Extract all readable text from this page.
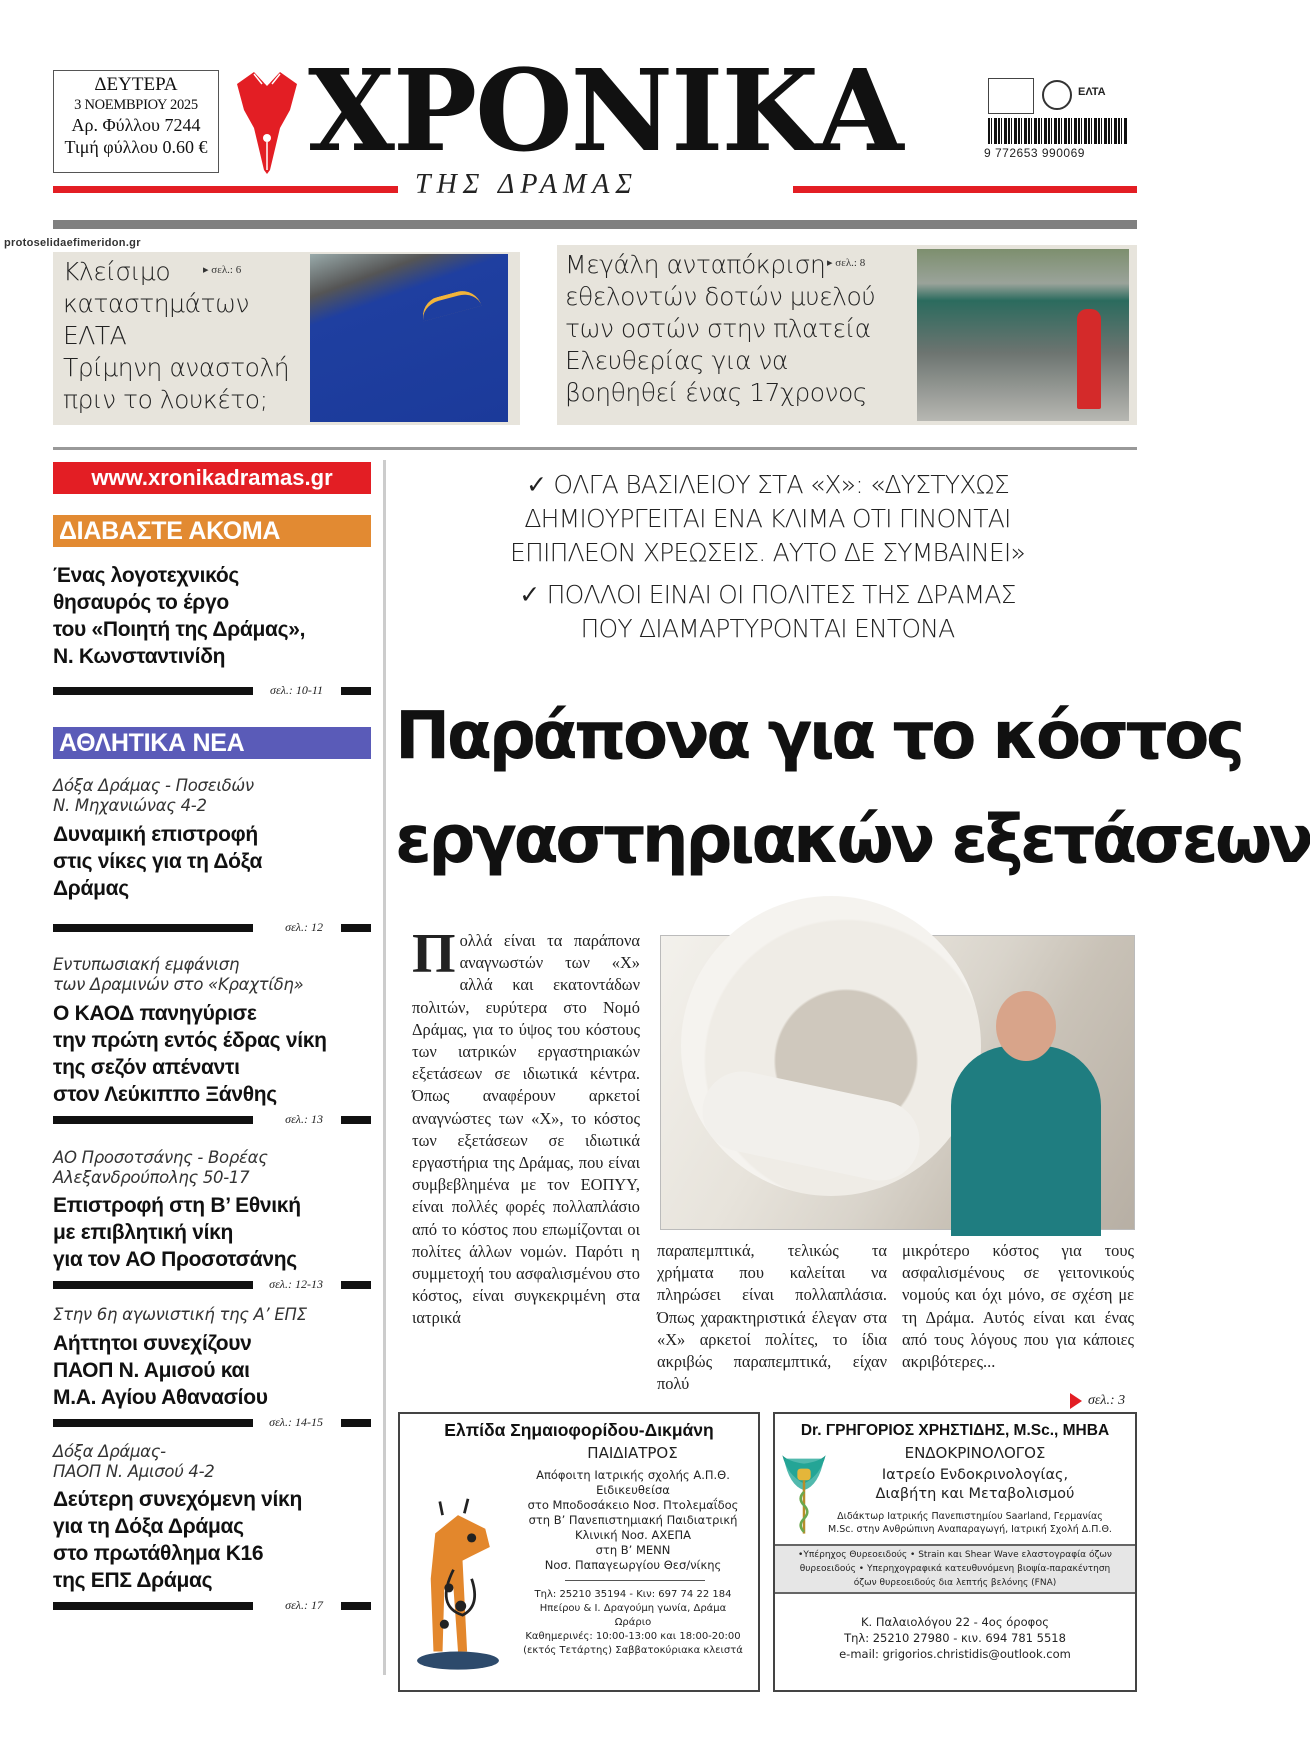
ΔΕΥΤΕΡΑ
3 ΝΟΕΜΒΡΙΟΥ 2025
Αρ. Φύλλου 7244
Τιμή φύλλου 0.60 € ΧΡΟΝΙΚΑ
ΤΗΣ ΔΡΑΜΑΣ
ΕΛΤΑ
9 772653 990069
protoselidaefimeridon.gr
Κλείσιμο
καταστημάτων
ΕΛΤΑ
Τρίμηνη αναστολή
πριν το λουκέτο;
▸ σελ.: 6	Μεγάλη ανταπόκριση
εθελοντών δοτών μυελού
των οστών στην πλατεία
Ελευθερίας για να
βοηθηθεί ένας 17χρονος
▸ σελ.: 8
www.xronikadramas.gr
ΔΙΑΒΑΣΤΕ ΑΚΟΜΑ
Ένας λογοτεχνικός
θησαυρός το έργο
του «Ποιητή της Δράμας»,
Ν. Κωνσταντινίδη
σελ.: 10-11
ΑΘΛΗΤΙΚΑ ΝΕΑ
Δόξα Δράμας - Ποσειδών
Ν. Μηχανιώνας 4-2
Δυναμική επιστροφή
στις νίκες για τη Δόξα
Δράμας
σελ.: 12
Εντυπωσιακή εμφάνιση
των Δραμινών στο «Κραχτίδη»
Ο ΚΑΟΔ πανηγύρισε
την πρώτη εντός έδρας νίκη
της σεζόν απέναντι
στον Λεύκιππο Ξάνθης
σελ.: 13
ΑΟ Προσοτσάνης - Βορέας
Αλεξανδρούπολης 50-17
Επιστροφή στη Β’ Εθνική
με επιβλητική νίκη
για τον ΑΟ Προσοτσάνης
σελ.: 12-13
Στην 6η αγωνιστική της Α’ ΕΠΣ
Αήττητοι συνεχίζουν
ΠΑΟΠ Ν. Αμισού και
Μ.Α. Αγίου Αθανασίου
σελ.: 14-15
Δόξα Δράμας-
ΠΑΟΠ Ν. Αμισού 4-2
Δεύτερη συνεχόμενη νίκη
για τη Δόξα Δράμας
στο πρωτάθλημα Κ16
της ΕΠΣ Δράμας
σελ.: 17
✓ ΟΛΓΑ ΒΑΣΙΛΕΙΟΥ ΣΤΑ «Χ»: «ΔΥΣΤΥΧΩΣ
ΔΗΜΙΟΥΡΓΕΙΤΑΙ ΕΝΑ ΚΛΙΜΑ ΟΤΙ ΓΙΝΟΝΤΑΙ
ΕΠΙΠΛΕΟΝ ΧΡΕΩΣΕΙΣ. ΑΥΤΟ ΔΕ ΣΥΜΒΑΙΝΕΙ»
✓ ΠΟΛΛΟΙ ΕΙΝΑΙ ΟΙ ΠΟΛΙΤΕΣ ΤΗΣ ΔΡΑΜΑΣ
ΠΟΥ ΔΙΑΜΑΡΤΥΡΟΝΤΑΙ ΕΝΤΟΝΑ
Παράπονα για το κόστος
εργαστηριακών εξετάσεων
Πολλά είναι τα παράπονα αναγνωστών των «Χ» αλλά και εκατοντάδων πολιτών, ευρύτερα στο Νομό Δράμας, για το ύψος του κόστους των ιατρικών εργαστηριακών εξετάσεων σε ιδιωτικά κέντρα. Όπως αναφέρουν αρκετοί αναγνώστες των «Χ», το κόστος των εξετάσεων σε ιδιωτικά εργαστήρια της Δράμας, που είναι συμβεβλημένα με τον ΕΟΠΥΥ, είναι πολλές φορές πολλαπλάσιο από το κόστος που επωμίζονται οι πολίτες άλλων νομών. Παρότι η συμμετοχή του ασφαλισμένου στο κόστος, είναι συγκεκριμένη στα ιατρικά
παραπεμπτικά, τελικώς τα χρήματα που καλείται να πληρώσει είναι πολλαπλάσια. Όπως χαρακτηριστικά έλεγαν στα «Χ» αρκετοί πολίτες, το ίδια ακριβώς παραπεμπτικά, είχαν πολύ
μικρότερο κόστος για τους ασφαλισμένους σε γειτονικούς νομούς και όχι μόνο, σε σχέση με τη Δράμα. Αυτός είναι και ένας από τους λόγους που για κάποιες ακριβότερες...
σελ.: 3
Ελπίδα Σημαιοφορίδου-Δικμάνη
ΠΑΙΔΙΑΤΡΟΣ
Απόφοιτη Ιατρικής σχολής Α.Π.Θ.
Ειδικευθείσα
στο Μποδοσάκειο Νοσ. Πτολεμαΐδος
στη Β’ Πανεπιστημιακή Παιδιατρική
Κλινική Νοσ. ΑΧΕΠΑ
στη Β’ ΜΕΝΝ
Νοσ. Παπαγεωργίου Θεσ/νίκης
Τηλ: 25210 35194 - Κιν: 697 74 22 184
Ηπείρου & Ι. Δραγούμη γωνία, Δράμα
Ωράριο
Καθημερινές: 10:00-13:00 και 18:00-20:00
(εκτός Τετάρτης) Σαββατοκύριακα κλειστά
Dr. ΓΡΗΓΟΡΙΟΣ ΧΡΗΣΤΙΔΗΣ, M.Sc., MHBA
ΕΝΔΟΚΡΙΝΟΛΟΓΟΣ
Ιατρείο Ενδοκρινολογίας,
Διαβήτη και Μεταβολισμού
Διδάκτωρ Ιατρικής Πανεπιστημίου Saarland, Γερμανίας
M.Sc. στην Ανθρώπινη Αναπαραγωγή, Ιατρική Σχολή Δ.Π.Θ.
•Υπέρηχος Θυρεοειδούς • Strain και Shear Wave ελαστογραφία όζων
θυρεοειδούς • Υπερηχογραφικά κατευθυνόμενη βιοψία-παρακέντηση
όζων θυρεοειδούς δια λεπτής βελόνης (FNA)
Κ. Παλαιολόγου 22 - 4ος όροφος
Τηλ: 25210 27980 - κιν. 694 781 5518
e-mail: grigorios.christidis@outlook.com
